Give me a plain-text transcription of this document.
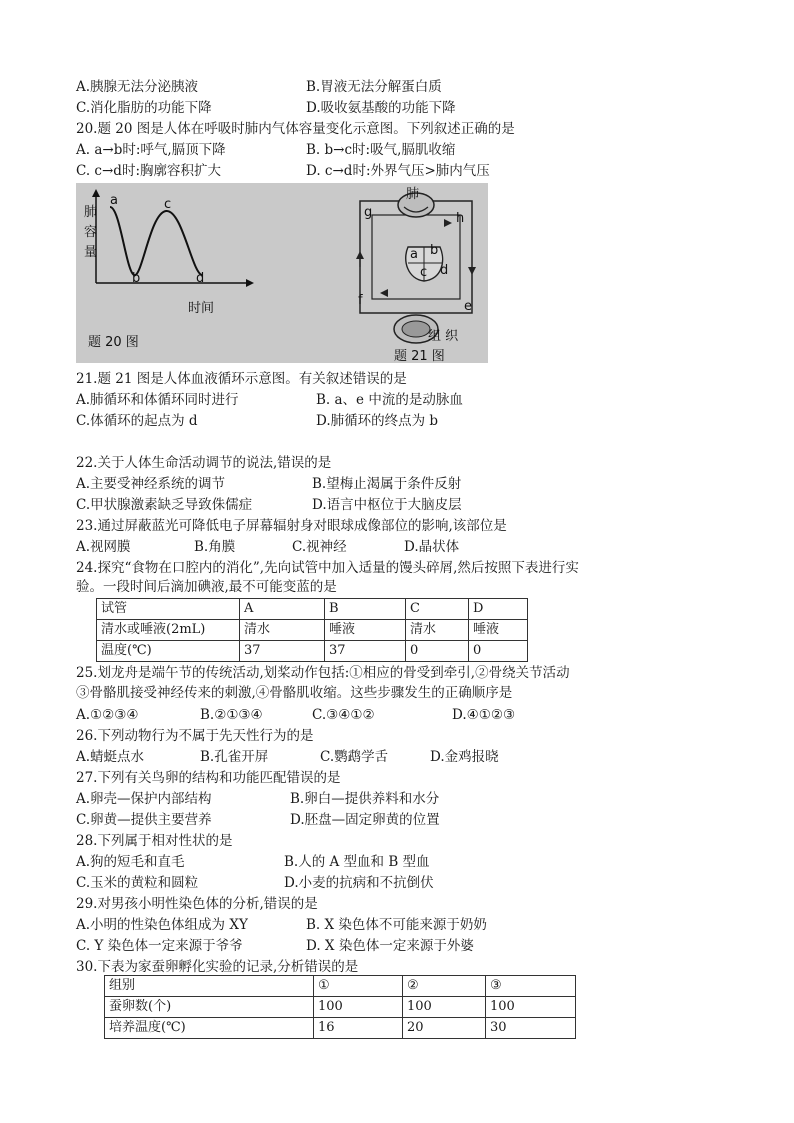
A.胰腺无法分泌胰液	B.胃液无法分解蛋白质
C.消化脂肪的功能下降	D.吸收氨基酸的功能下降
20.题 20 图是人体在呼吸时肺内气体容量变化示意图。下列叙述正确的是
A. a→b时:呼气,膈顶下降	B. b→c时:吸气,膈肌收缩
C. c→d时:胸廓容积扩大	D. c→d时:外界气压>肺内气压
肺
容
量
a
b
c
d
时间
题 20 图
肺
g	h
a b
c d
f	e
组 织
题 21 图
21.题 21 图是人体血液循环示意图。有关叙述错误的是
A.肺循环和体循环同时进行	B. a、e 中流的是动脉血
C.体循环的起点为 d	D.肺循环的终点为 b
22.关于人体生命活动调节的说法,错误的是
A.主要受神经系统的调节	B.望梅止渴属于条件反射
C.甲状腺激素缺乏导致侏儒症	D.语言中枢位于大脑皮层
23.通过屏蔽蓝光可降低电子屏幕辐射身对眼球成像部位的影响,该部位是
A.视网膜	B.角膜	C.视神经	D.晶状体
24.探究“食物在口腔内的消化”,先向试管中加入适量的馒头碎屑,然后按照下表进行实
验。一段时间后滴加碘液,最不可能变蓝的是
试管	A	B	C	D
清水或唾液(2mL)	清水	唾液	清水	唾液
温度(℃)	37	37	0	0
25.划龙舟是端午节的传统活动,划桨动作包括:①相应的骨受到牵引,②骨绕关节活动
③骨骼肌接受神经传来的刺激,④骨骼肌收缩。这些步骤发生的正确顺序是
A.①②③④	B.②①③④	C.③④①②	D.④①②③
26.下列动物行为不属于先天性行为的是
A.蜻蜓点水	B.孔雀开屏	C.鹦鹉学舌	D.金鸡报晓
27.下列有关鸟卵的结构和功能匹配错误的是
A.卵壳—保护内部结构	B.卵白—提供养料和水分
C.卵黄—提供主要营养	D.胚盘—固定卵黄的位置
28.下列属于相对性状的是
A.狗的短毛和直毛	B.人的 A 型血和 B 型血
C.玉米的黄粒和圆粒	D.小麦的抗病和不抗倒伏
29.对男孩小明性染色体的分析,错误的是
A.小明的性染色体组成为 XY	B. X 染色体不可能来源于奶奶
C. Y 染色体一定来源于爷爷	D. X 染色体一定来源于外婆
30.下表为家蚕卵孵化实验的记录,分析错误的是
组别	①	②	③
蚕卵数(个)	100	100	100
培养温度(℃)	16	20	30
